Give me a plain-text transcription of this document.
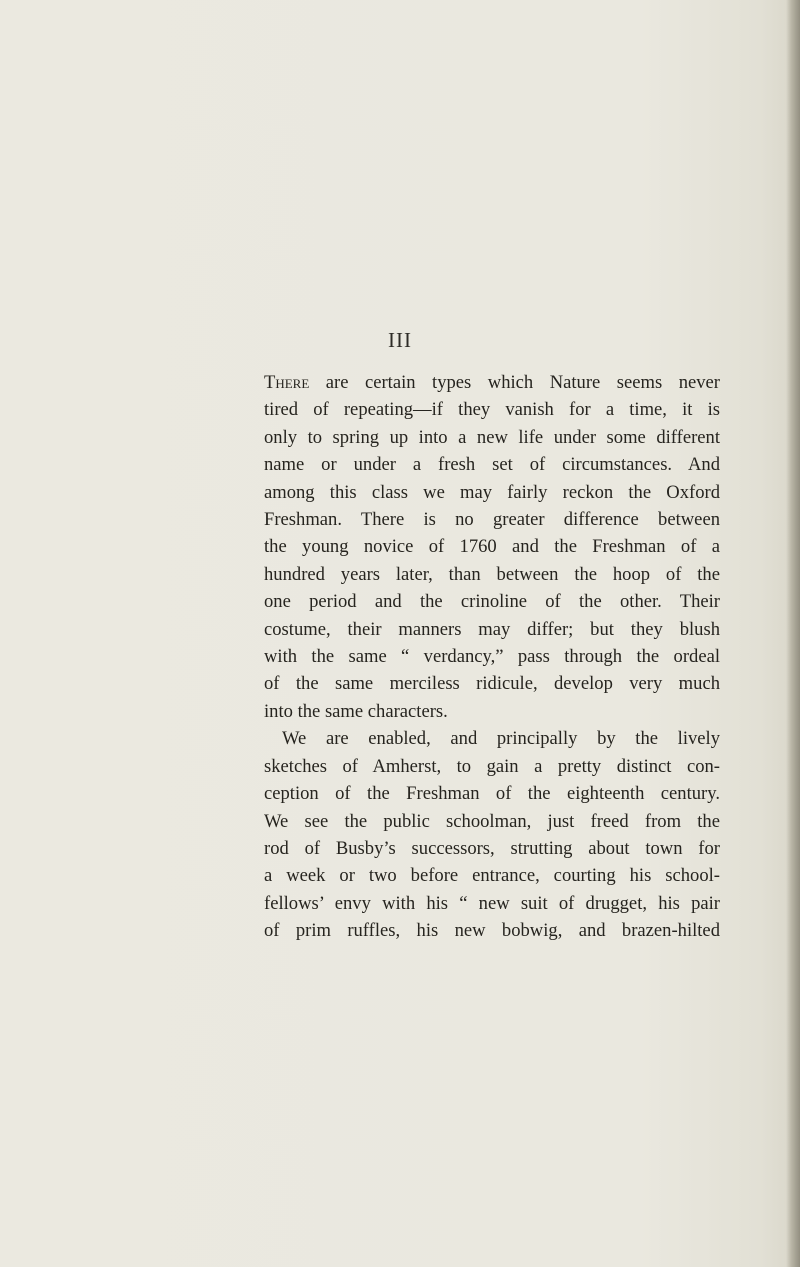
III
There are certain types which Nature seems never
tired of repeating—if they vanish for a time, it is
only to spring up into a new life under some different
name or under a fresh set of circumstances. And
among this class we may fairly reckon the Oxford
Freshman. There is no greater difference between
the young novice of 1760 and the Freshman of a
hundred years later, than between the hoop of the
one period and the crinoline of the other. Their
costume, their manners may differ; but they blush
with the same “ verdancy,” pass through the ordeal
of the same merciless ridicule, develop very much
into the same characters.
We are enabled, and principally by the lively
sketches of Amherst, to gain a pretty distinct con-
ception of the Freshman of the eighteenth century.
We see the public schoolman, just freed from the
rod of Busby’s successors, strutting about town for
a week or two before entrance, courting his school-
fellows’ envy with his “ new suit of drugget, his pair
of prim ruffles, his new bobwig, and brazen-hilted
